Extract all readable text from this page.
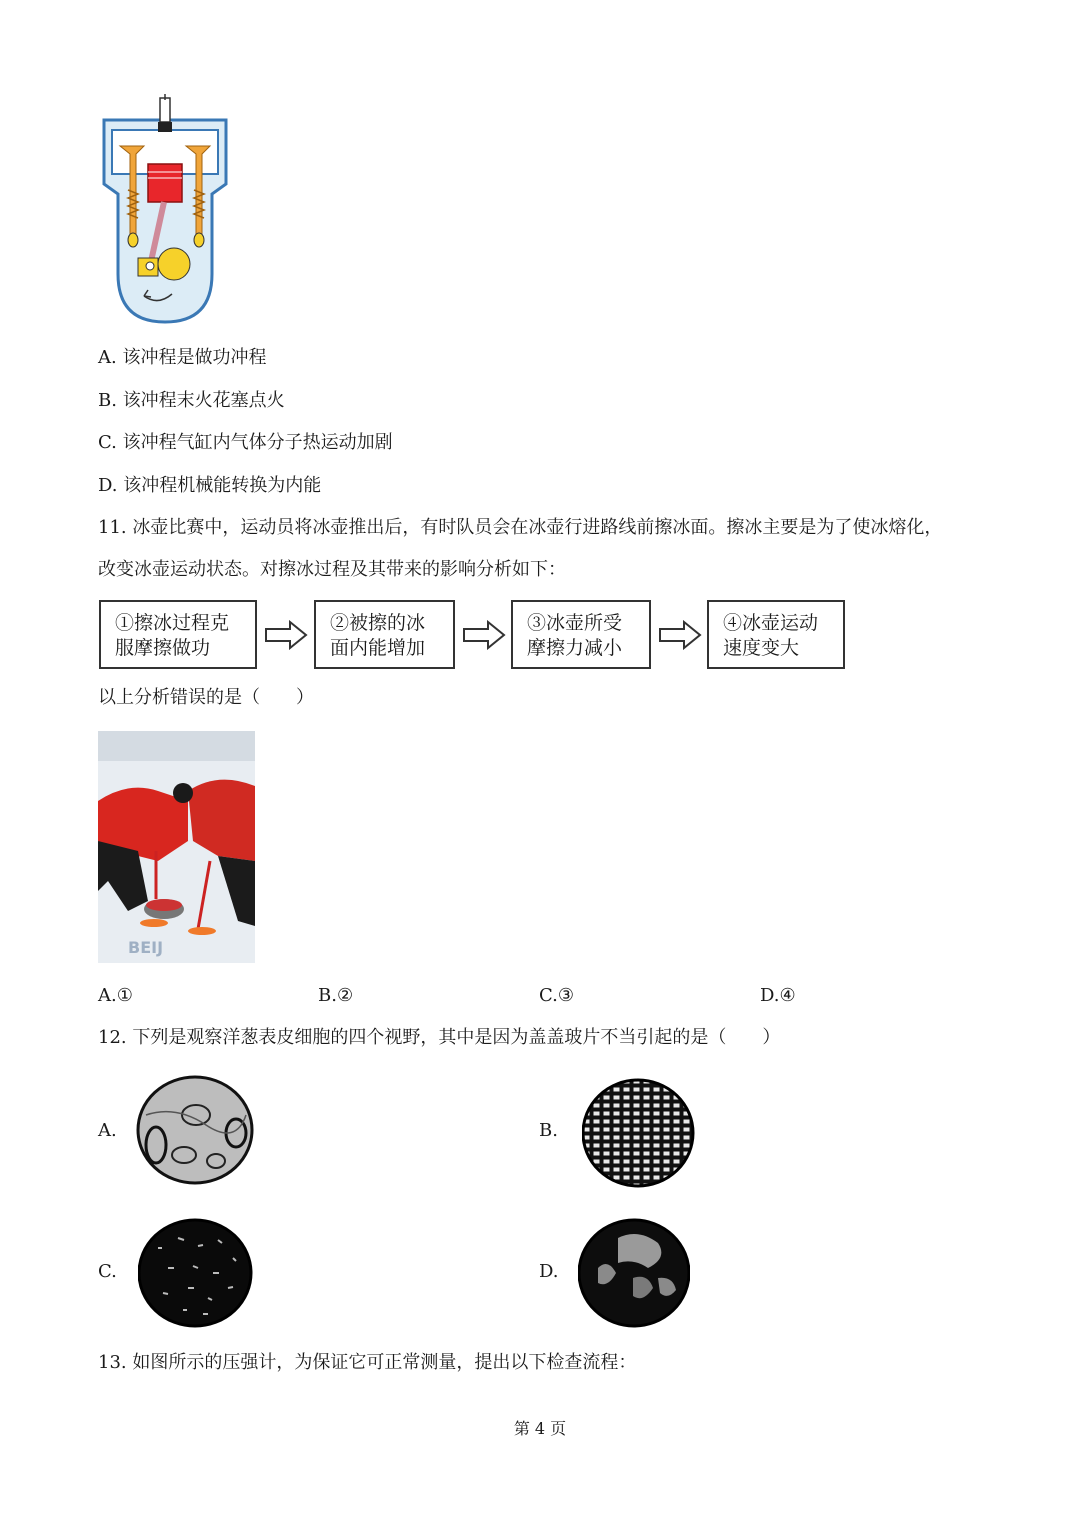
A. 该冲程是做功冲程
B. 该冲程末火花塞点火
C. 该冲程气缸内气体分子热运动加剧
D. 该冲程机械能转换为内能
11. 冰壶比赛中，运动员将冰壶推出后，有时队员会在冰壶行进路线前擦冰面。擦冰主要是为了使冰熔化，
改变冰壶运动状态。对擦冰过程及其带来的影响分析如下：
①擦冰过程克
服摩擦做功
②被擦的冰
面内能增加
③冰壶所受
摩擦力减小
④冰壶运动
速度变大
以上分析错误的是（　　）
BEIJ
A.①	B.②	C.③	D.④
12. 下列是观察洋葱表皮细胞的四个视野，其中是因为盖盖玻片不当引起的是（　　）
A.	B.
C.	D.
13. 如图所示的压强计，为保证它可正常测量，提出以下检查流程：
第 4 页
